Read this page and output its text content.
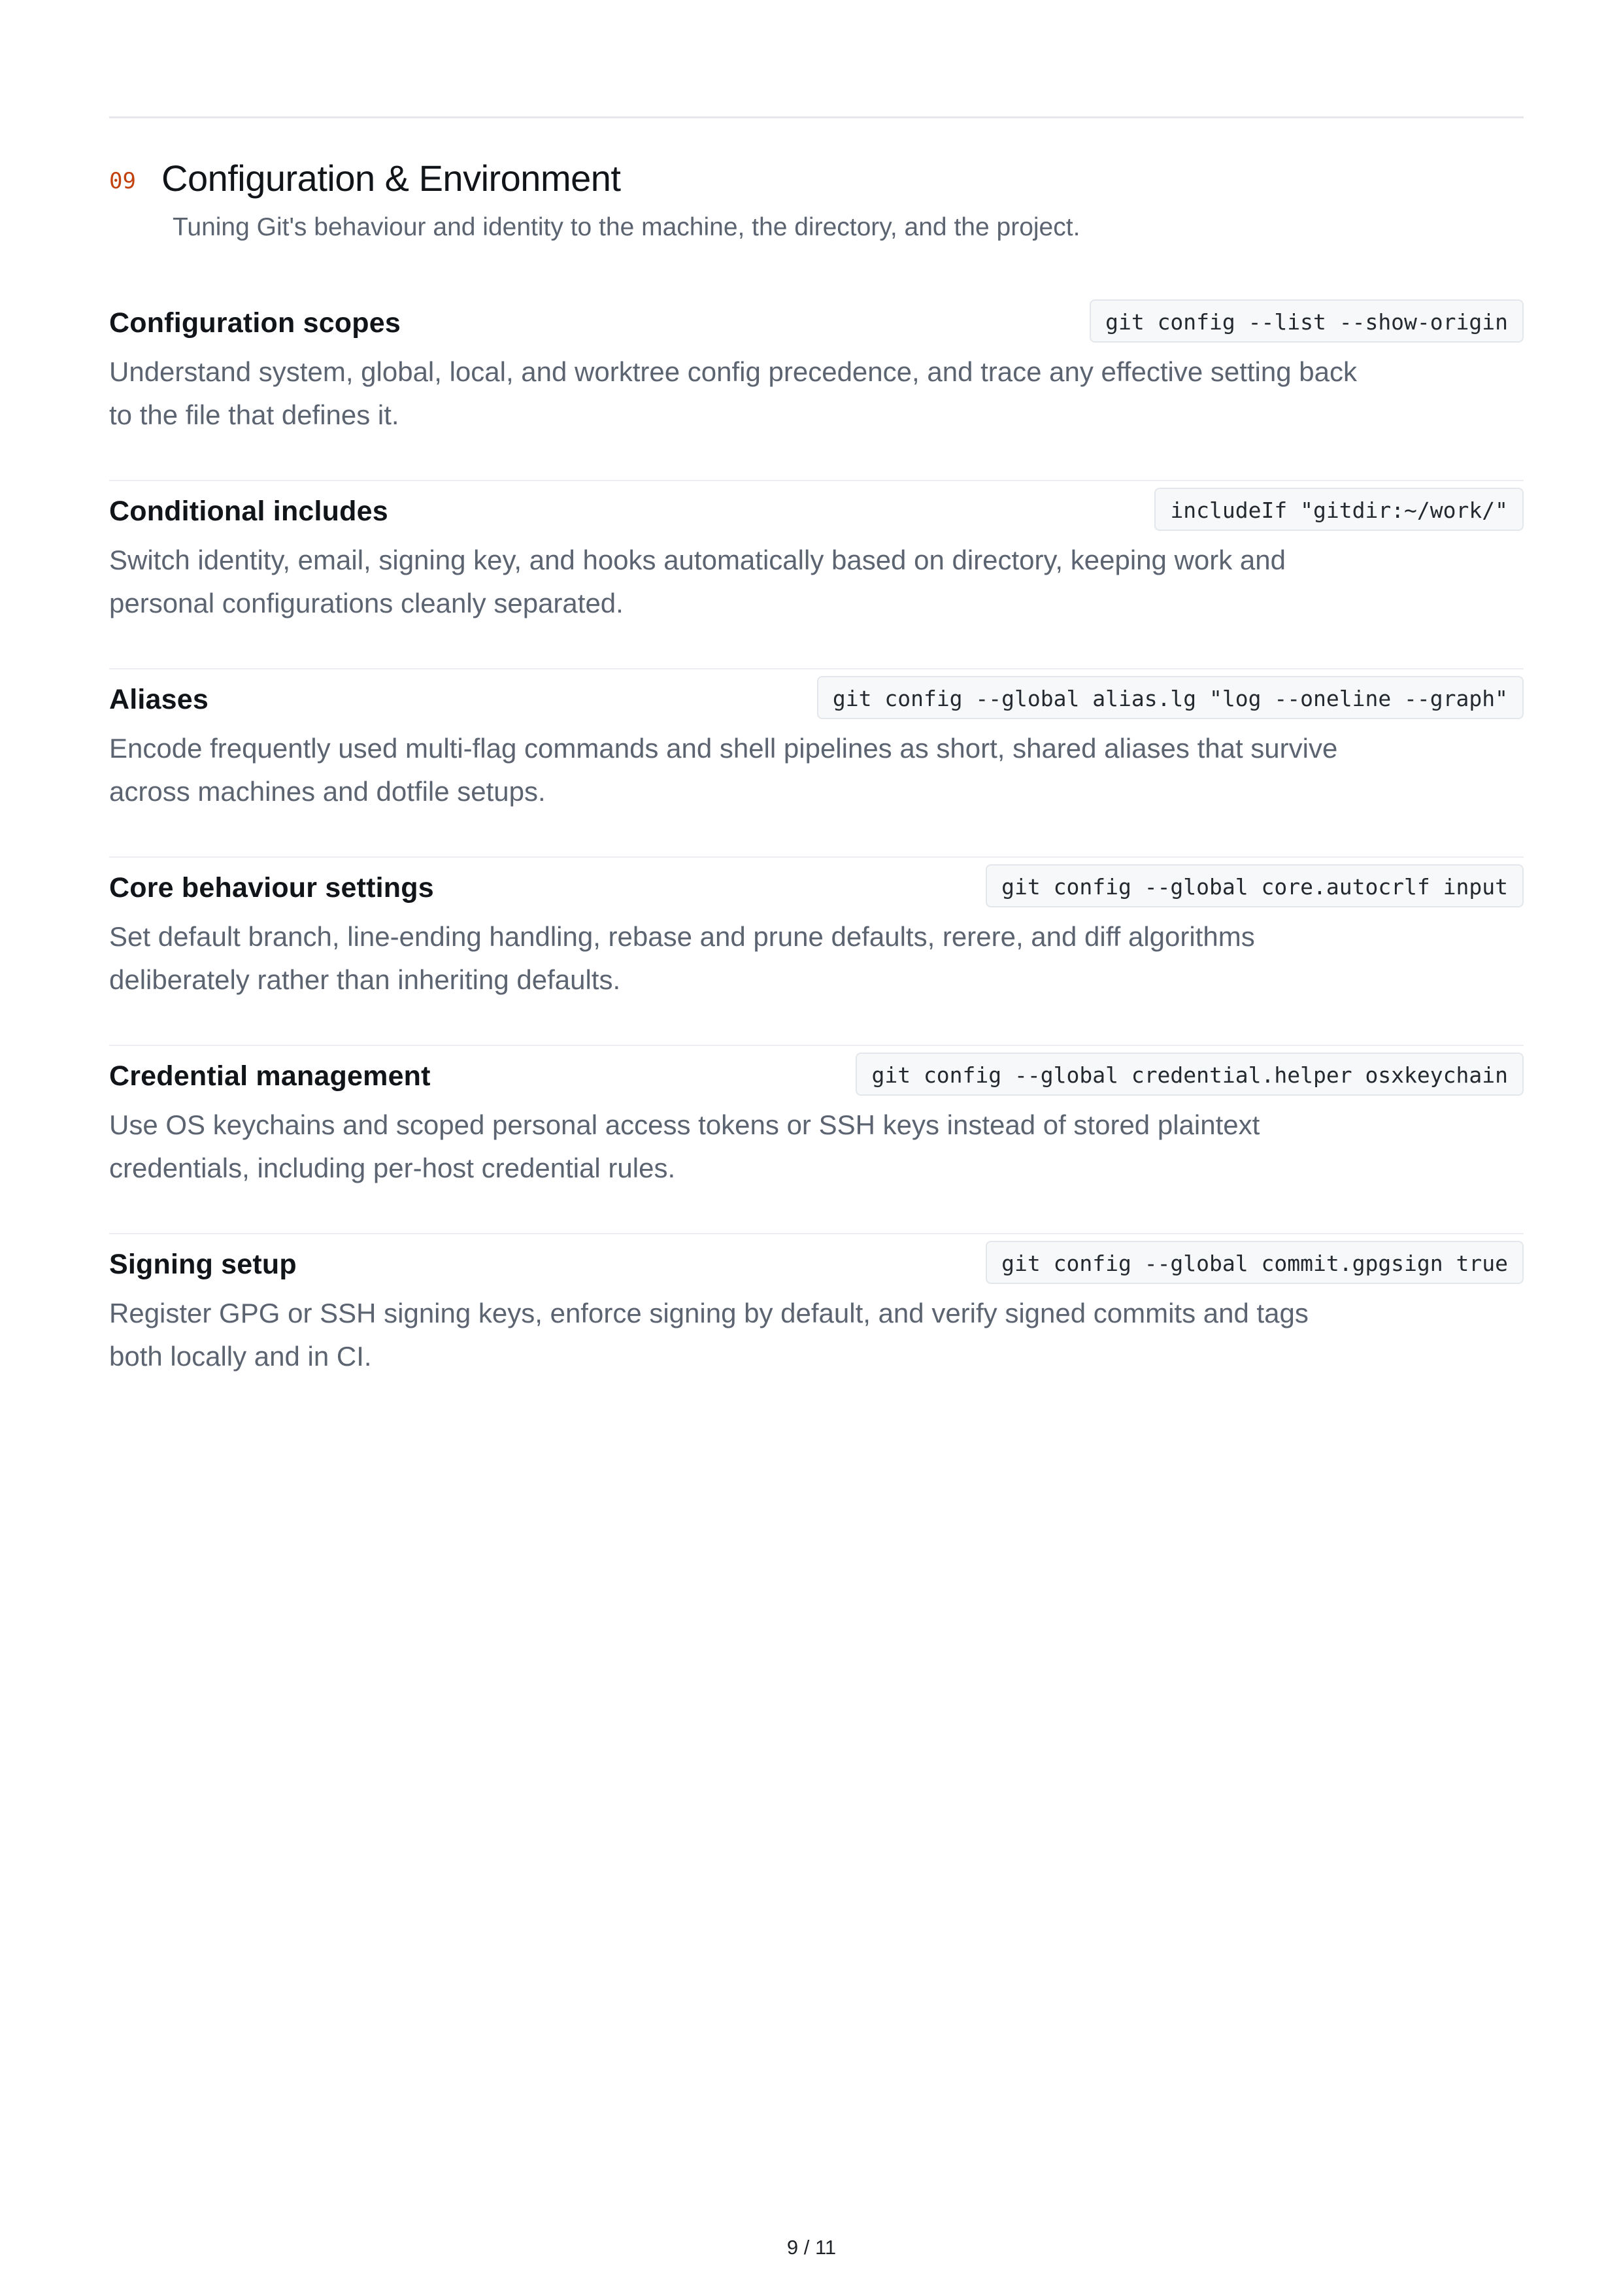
09 Configuration & Environment
Tuning Git's behaviour and identity to the machine, the directory, and the project.
Configuration scopes	git config --list --show-origin
Understand system, global, local, and worktree config precedence, and trace any effective setting back to the file that defines it.
Conditional includes	includeIf "gitdir:~/work/"
Switch identity, email, signing key, and hooks automatically based on directory, keeping work and personal configurations cleanly separated.
Aliases	git config --global alias.lg "log --oneline --graph"
Encode frequently used multi-flag commands and shell pipelines as short, shared aliases that survive across machines and dotfile setups.
Core behaviour settings	git config --global core.autocrlf input
Set default branch, line-ending handling, rebase and prune defaults, rerere, and diff algorithms deliberately rather than inheriting defaults.
Credential management	git config --global credential.helper osxkeychain
Use OS keychains and scoped personal access tokens or SSH keys instead of stored plaintext credentials, including per-host credential rules.
Signing setup	git config --global commit.gpgsign true
Register GPG or SSH signing keys, enforce signing by default, and verify signed commits and tags both locally and in CI.
9 / 11
